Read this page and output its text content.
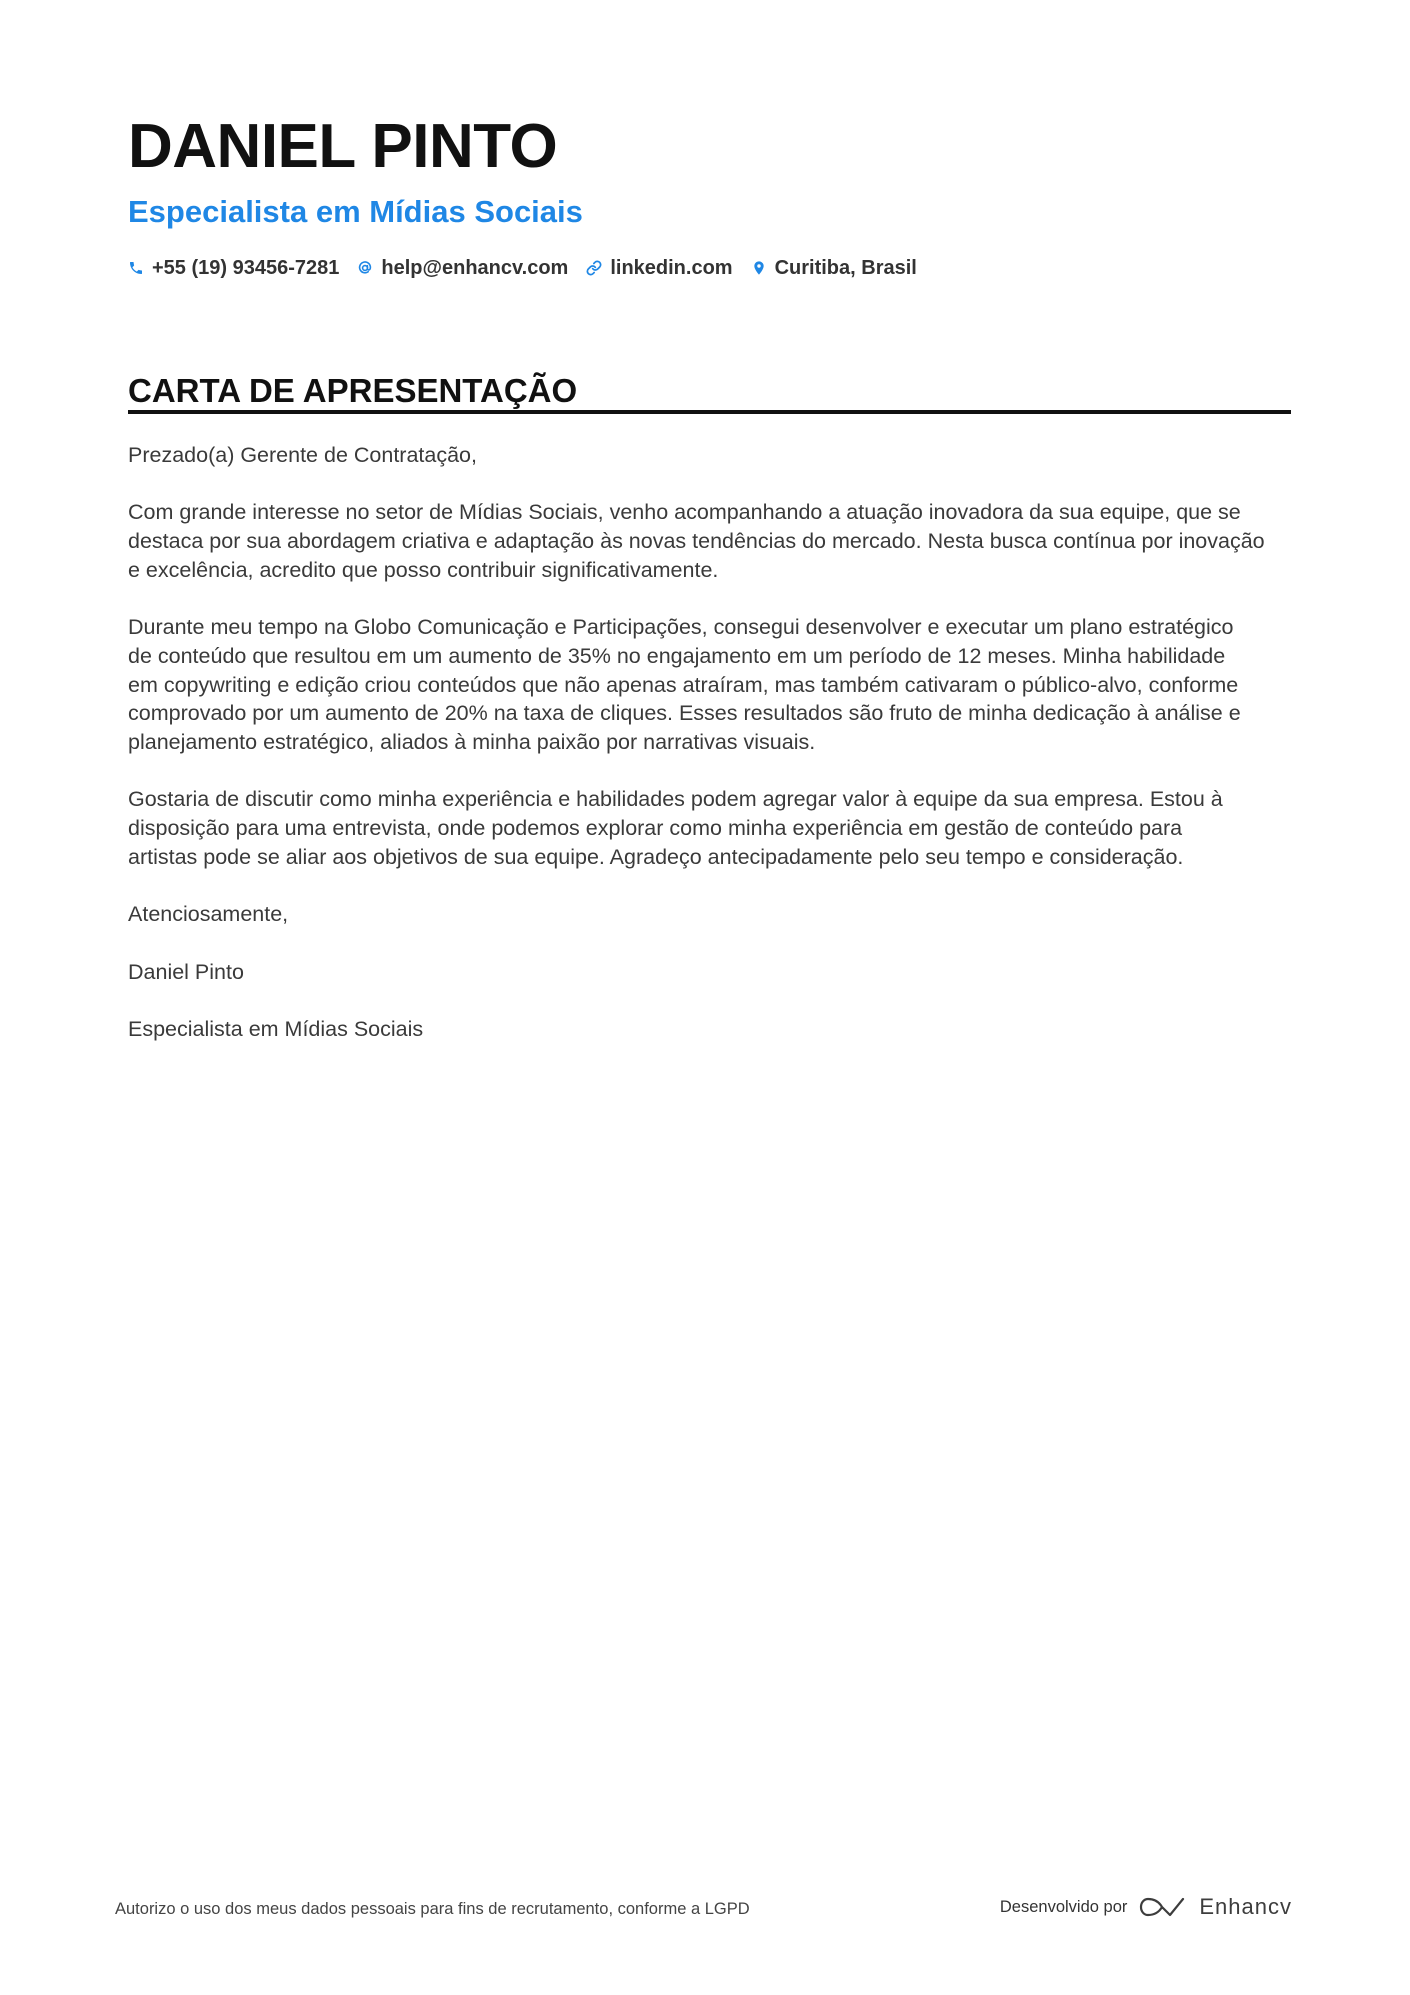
DANIEL PINTO
Especialista em Mídias Sociais
+55 (19) 93456-7281 help@enhancv.com linkedin.com Curitiba, Brasil
CARTA DE APRESENTAÇÃO

Prezado(a) Gerente de Contratação,

Com grande interesse no setor de Mídias Sociais, venho acompanhando a atuação inovadora da sua equipe, que se
destaca por sua abordagem criativa e adaptação às novas tendências do mercado. Nesta busca contínua por inovação
e excelência, acredito que posso contribuir significativamente.
Durante meu tempo na Globo Comunicação e Participações, consegui desenvolver e executar um plano estratégico
de conteúdo que resultou em um aumento de 35% no engajamento em um período de 12 meses. Minha habilidade
em copywriting e edição criou conteúdos que não apenas atraíram, mas também cativaram o público-alvo, conforme
comprovado por um aumento de 20% na taxa de cliques. Esses resultados são fruto de minha dedicação à análise e
planejamento estratégico, aliados à minha paixão por narrativas visuais.
Gostaria de discutir como minha experiência e habilidades podem agregar valor à equipe da sua empresa. Estou à
disposição para uma entrevista, onde podemos explorar como minha experiência em gestão de conteúdo para
artistas pode se aliar aos objetivos de sua equipe. Agradeço antecipadamente pelo seu tempo e consideração.

Atenciosamente,

Daniel Pinto

Especialista em Mídias Sociais

Autorizo o uso dos meus dados pessoais para fins de recrutamento, conforme a LGPD	Desenvolvido por	Enhancv
